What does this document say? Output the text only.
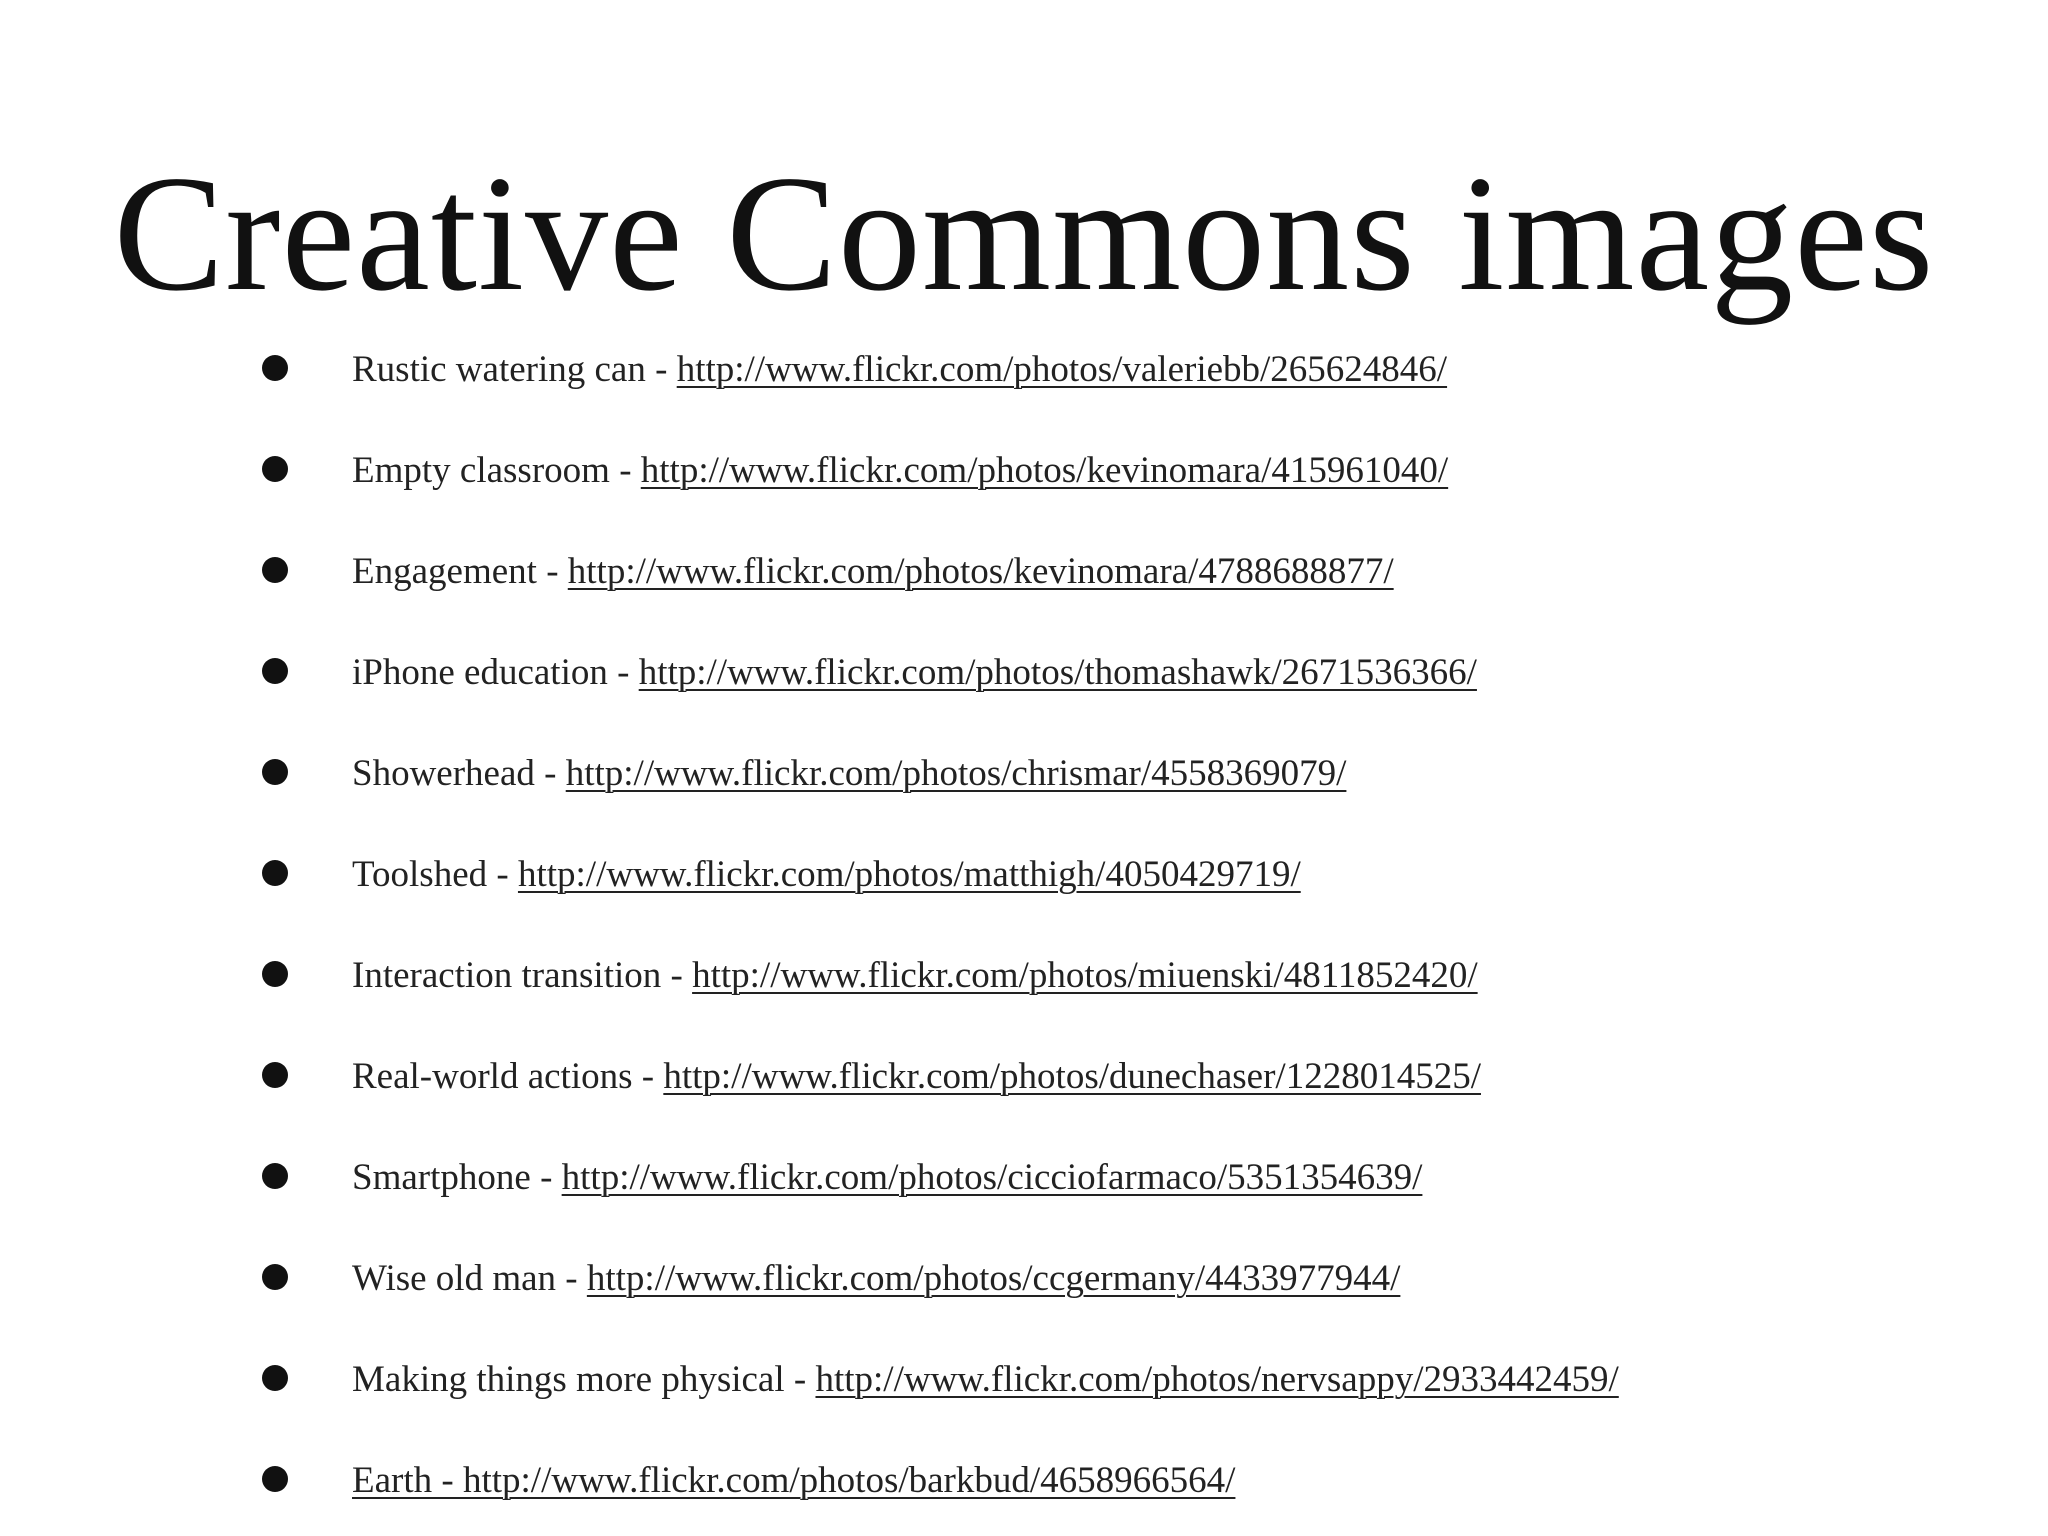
Creative Commons images
Rustic watering can - http://www.flickr.com/photos/valeriebb/265624846/
Empty classroom - http://www.flickr.com/photos/kevinomara/415961040/
Engagement - http://www.flickr.com/photos/kevinomara/4788688877/
iPhone education - http://www.flickr.com/photos/thomashawk/2671536366/
Showerhead - http://www.flickr.com/photos/chrismar/4558369079/
Toolshed - http://www.flickr.com/photos/matthigh/4050429719/
Interaction transition - http://www.flickr.com/photos/miuenski/4811852420/
Real-world actions - http://www.flickr.com/photos/dunechaser/1228014525/
Smartphone - http://www.flickr.com/photos/cicciofarmaco/5351354639/
Wise old man - http://www.flickr.com/photos/ccgermany/4433977944/
Making things more physical - http://www.flickr.com/photos/nervsappy/2933442459/
Earth - http://www.flickr.com/photos/barkbud/4658966564/
